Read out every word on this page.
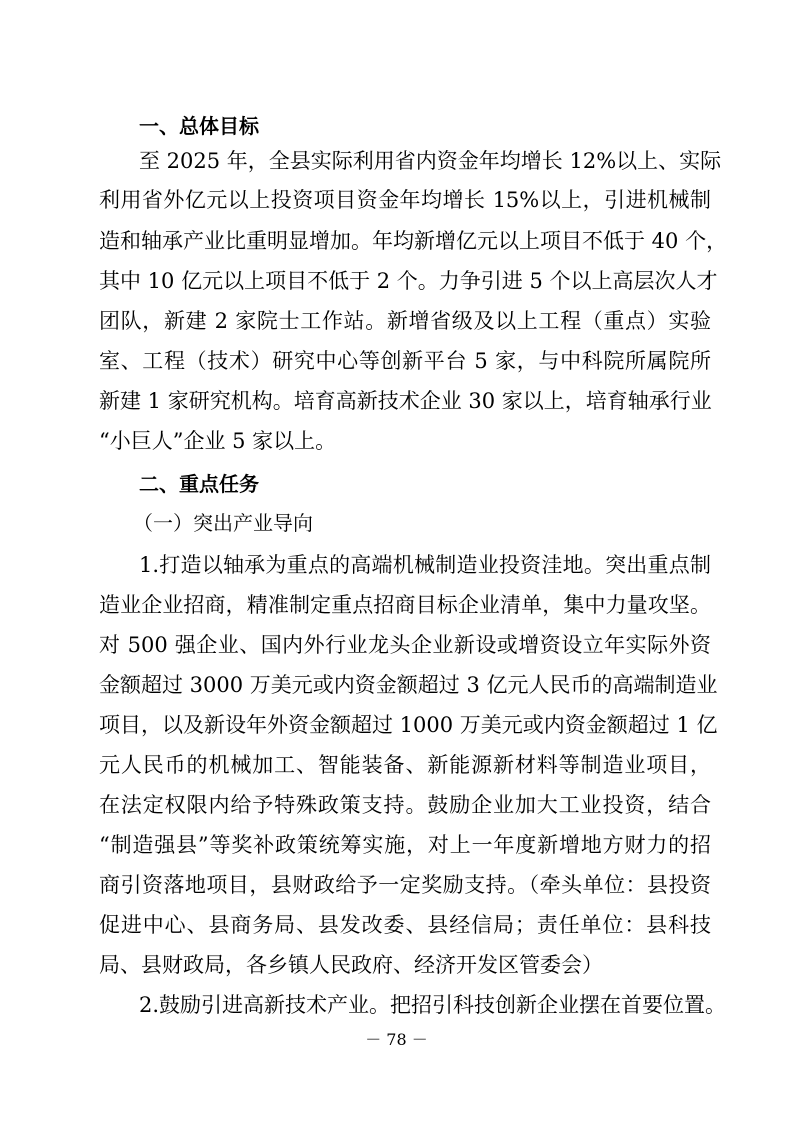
一、总体目标
至 2025 年，全县实际利用省内资金年均增长 12%以上、实际
利用省外亿元以上投资项目资金年均增长 15%以上，引进机械制
造和轴承产业比重明显增加。年均新增亿元以上项目不低于 40 个，
其中 10 亿元以上项目不低于 2 个。力争引进 5 个以上高层次人才
团队，新建 2 家院士工作站。新增省级及以上工程（重点）实验
室、工程（技术）研究中心等创新平台 5 家，与中科院所属院所
新建 1 家研究机构。培育高新技术企业 30 家以上，培育轴承行业
“小巨人”企业 5 家以上。
二、重点任务
（一）突出产业导向
1.打造以轴承为重点的高端机械制造业投资洼地。突出重点制
造业企业招商，精准制定重点招商目标企业清单，集中力量攻坚。
对 500 强企业、国内外行业龙头企业新设或增资设立年实际外资
金额超过 3000 万美元或内资金额超过 3 亿元人民币的高端制造业
项目，以及新设年外资金额超过 1000 万美元或内资金额超过 1 亿
元人民币的机械加工、智能装备、新能源新材料等制造业项目，
在法定权限内给予特殊政策支持。鼓励企业加大工业投资，结合
“制造强县”等奖补政策统筹实施，对上一年度新增地方财力的招
商引资落地项目，县财政给予一定奖励支持。（牵头单位：县投资
促进中心、县商务局、县发改委、县经信局；责任单位：县科技
局、县财政局，各乡镇人民政府、经济开发区管委会）
2.鼓励引进高新技术产业。把招引科技创新企业摆在首要位置。
－ 78 －
